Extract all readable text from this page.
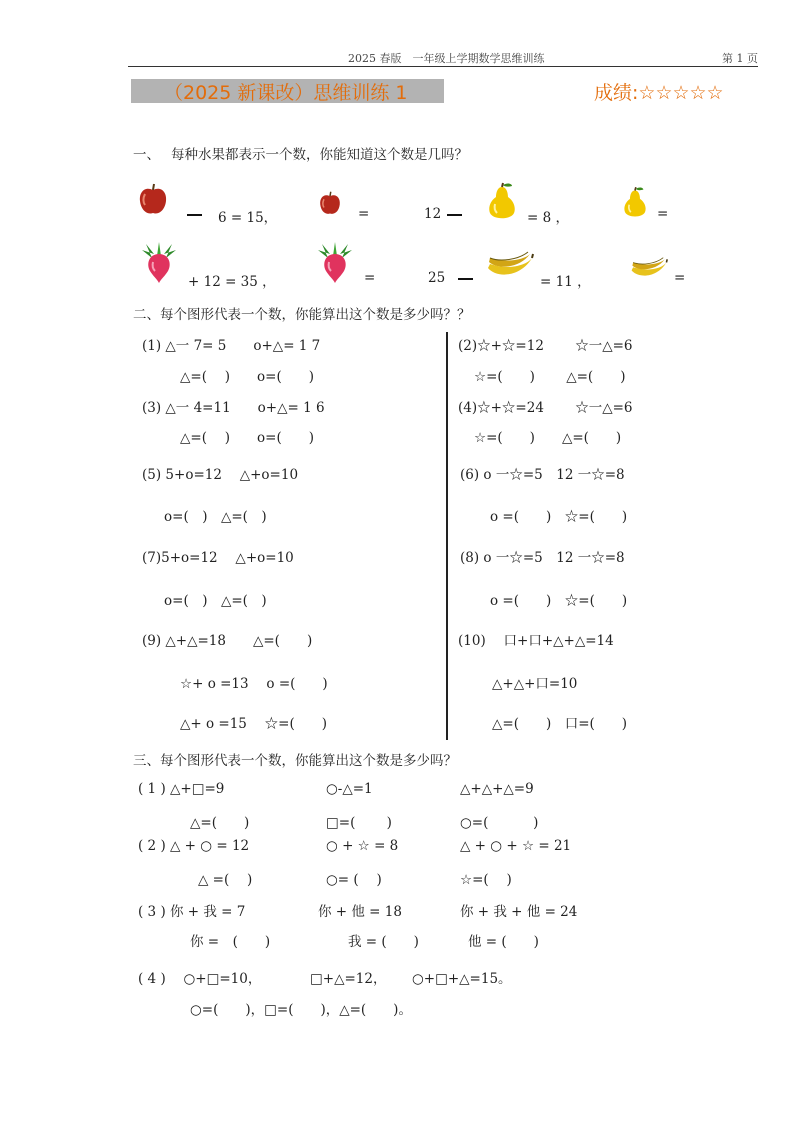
2025 春版　一年级上学期数学思维训练	第 1 页
（2025 新课改）思维训练 1	成绩:☆☆☆☆☆
一、　 每种水果都表示一个数，你能知道这个数是几吗？
6 = 15，	=	12	= 8 ，	=
+ 12 = 35 ，	=	25	= 11 ，	=
二、每个图形代表一个数，你能算出这个数是多少吗？？
(1) △一 7= 5　　o+△= 1 7
△=(　 )　　o=(　　)
(3) △一 4=11　　o+△= 1 6
△=(　 )　　o=(　　)
(5) 5+o=12　 △+o=10
o=(　)　△=(　)
(7)5+o=12　 △+o=10
o=(　)　△=(　)
(9) △+△=18　　△=(　　)
☆+ o =13　 o =(　　)
△+ o =15　 ☆=(　　)
(2)☆+☆=12　　 ☆一△=6
☆=(　　)　　 △=(　　)
(4)☆+☆=24　　 ☆一△=6
☆=(　　)　　△=(　　)
(6) o 一☆=5　12 一☆=8
o =(　　)　☆=(　　)
(8) o 一☆=5　12 一☆=8
o =(　　)　☆=(　　)
(10)　 口+口+△+△=14
△+△+口=10
△=(　　)　口=(　　)
三、每个图形代表一个数，你能算出这个数是多少吗？
( 1 ) △+□=9	○-△=1	△+△+△=9
△=(　　)	□=(　　 )	○=(　　　 )
( 2 ) △ + ○ = 12	○ + ☆ = 8	△ + ○ + ☆ = 21
△ =(　 )	○= (　 )	☆=(　 )
( 3 ) 你 + 我 = 7	你 + 他 = 18	你 + 我 + 他 = 24
你 =　(　　)	我 = (　　)	他 = (　　)
( 4 )　 ○+□=10，	□+△=12， ○+□+△=15。
○=(　　)，□=(　　)，△=(　　)。
